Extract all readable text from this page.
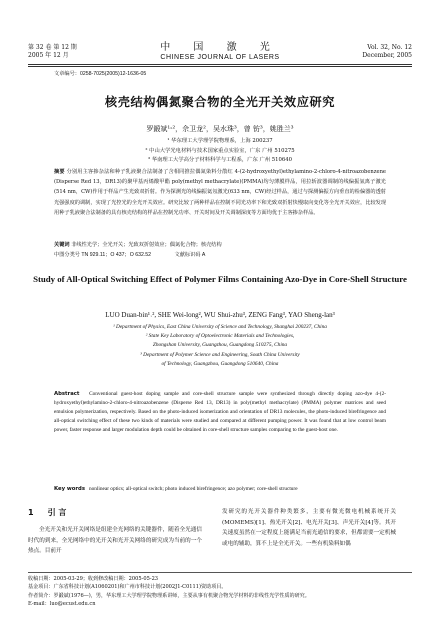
第 32 卷 第 12 期
2005 年 12 月
中 国 激 光
CHINESE JOURNAL OF LASERS
Vol. 32, No. 12
December, 2005
文章编号：0258-7025(2005)12-1636-05
核壳结构偶氮聚合物的全光开关效应研究
罗鍛斌¹˒²，佘卫龙²，吴水珠³，曾 钫³，姚胜兰³
¹ 华东理工大学理学院物理系，上海 200237
² 中山大学光电材料与技术国家重点实验室，广东 广州 510275
³ 华南理工大学高分子材料科学与工程系，广东 广州 510640
摘要 分别用主客掺杂法和种子乳液聚合法制备了含相同推拉偶氮染料分散红 4-(2-hydroxyethyl)ethylamino-2-chloro-4-nitroazobenzene (Disperse Red 13，DR13)的聚甲基丙烯酸甲酯 poly(methyl methacrylate)(PMMA)均匀薄膜样品，用拉斩波器调制的线偏振氩离子激光(514 nm，CW)作用于样品产生光致双折射。作为探测光的线偏振氦氖激光(633 nm，CW)经过样品，通过与探测偏振方向垂直的检偏器的透射光强强度的调制，实现了光控光的全光开关效应。研究比较了两种样品在控制不同光功率下和光致双折射快慢取向变化等全光开关效应，比较发现用种子乳液聚合法制备的具有核壳结构的样品在控制光功率、开关时间及开关调制深度等方面均优于主客掺杂样品。
关键词 非线性光学；全光开关；光致双折射效应；偶氮化合物；核壳结构
中图分类号 TN 929.11；O 437；O 632.52	文献标识码 A
Study of All-Optical Switching Effect of Polymer Films Containing Azo-Dye in Core-Shell Structure
LUO Duan-bin¹˒², SHE Wei-long², WU Shui-zhu³, ZENG Fang³, YAO Sheng-lan³
¹ Department of Physics, East China University of Science and Technology, Shanghai 200237, China
² State Key Laboratory of Optoelectronic Materials and Technologies,
Zhongshan University, Guangzhou, Guangdong 510275, China
³ Department of Polymer Science and Engineering, South China University
of Technology, Guangzhou, Guangdong 510640, China
Abstract Conventional guest-host doping sample and core-shell structure sample were synthesized through directly doping azo-dye 4-(2-hydroxyethyl)ethylamino-2-chloro-4-nitroazobenzene (Disperse Red 13, DR13) in poly(methyl methacrylate) (PMMA) polymer matrices and seed emulsion polymerization, respectively. Based on the photo-induced isomerization and orientation of DR13 molecules, the photo-induced birefringence and all-optical switching effect of these two kinds of materials were studied and compared at different pumping power. It was found that at low control beam power, faster response and larger modulation depth could be obtained in core-shell structure samples comparing to the guest-host one.
Key words nonlinear optics; all-optical switch; photo induced birefringence; azo polymer; core-shell structure
1 引 言

全光开关和光开关网络是组建全光网络的关键器件，随着全光通信时代的到来，全光网络中的光开关和光开关网络的研究成为当前的一个热点。目前开

发研究的光开关器件种类繁多，主要有微光微电机械系统开关(MOMEMS)[1]、热光开关[2]、电光开关[3]、声光开关[4]等。其开关速度虽然在一定程度上能满足当前光通信的要求，但都需要一定机械或电的辅助，算不上是全光开关。一些有机染料如偶

收稿日期：2005-03-29；收到修改稿日期：2005-05-23
基金项目：广东省科技计划(A1060201)和广州市科技计划(2002J1-C0111)资助项目。
作者简介：罗鍛斌(1976—)，男，华东理工大学理学院物理系讲师，主要从事有机聚合物光学材料的非线性光学性质的研究。
E-mail：luo@ecust.edu.cn
